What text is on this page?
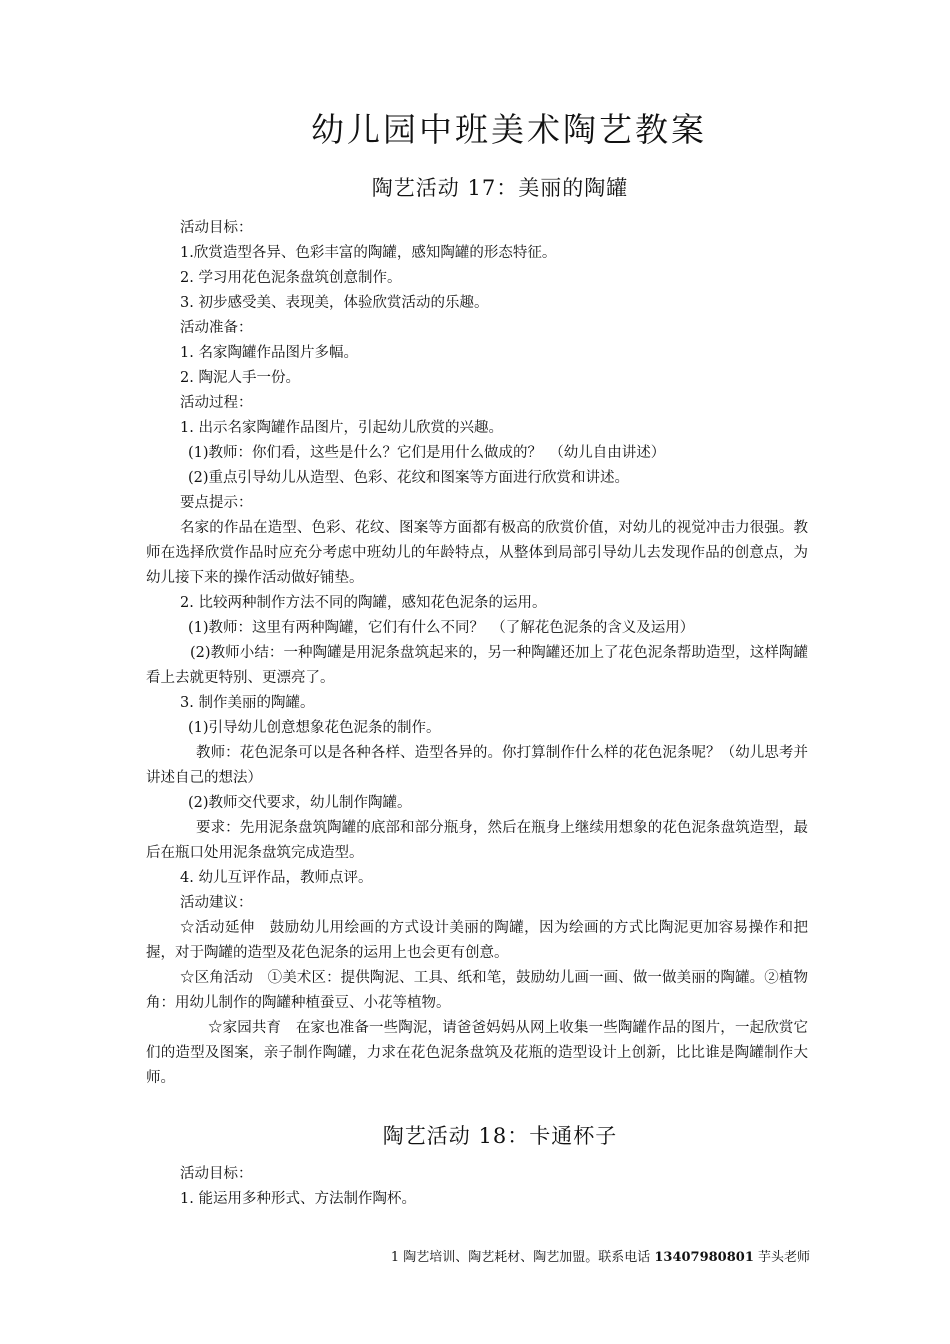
幼儿园中班美术陶艺教案
陶艺活动 17：美丽的陶罐

活动目标：

1.欣赏造型各异、色彩丰富的陶罐，感知陶罐的形态特征。

2. 学习用花色泥条盘筑创意制作。

3. 初步感受美、表现美，体验欣赏活动的乐趣。

活动准备：

1. 名家陶罐作品图片多幅。

2. 陶泥人手一份。

活动过程：

1. 出示名家陶罐作品图片，引起幼儿欣赏的兴趣。

(1)教师：你们看，这些是什么？它们是用什么做成的？　（幼儿自由讲述）

(2)重点引导幼儿从造型、色彩、花纹和图案等方面进行欣赏和讲述。

要点提示：

名家的作品在造型、色彩、花纹、图案等方面都有极高的欣赏价值，对幼儿的视觉冲击力很强。教师在选择欣赏作品时应充分考虑中班幼儿的年龄特点，从整体到局部引导幼儿去发现作品的创意点，为幼儿接下来的操作活动做好铺垫。

2. 比较两种制作方法不同的陶罐，感知花色泥条的运用。

(1)教师：这里有两种陶罐，它们有什么不同？　（了解花色泥条的含义及运用）

(2)教师小结：一种陶罐是用泥条盘筑起来的，另一种陶罐还加上了花色泥条帮助造型，这样陶罐看上去就更特别、更漂亮了。

3. 制作美丽的陶罐。

(1)引导幼儿创意想象花色泥条的制作。

教师：花色泥条可以是各种各样、造型各异的。你打算制作什么样的花色泥条呢？（幼儿思考并讲述自己的想法）

(2)教师交代要求，幼儿制作陶罐。

要求：先用泥条盘筑陶罐的底部和部分瓶身，然后在瓶身上继续用想象的花色泥条盘筑造型，最后在瓶口处用泥条盘筑完成造型。

4. 幼儿互评作品，教师点评。

活动建议：

☆活动延伸　鼓励幼儿用绘画的方式设计美丽的陶罐，因为绘画的方式比陶泥更加容易操作和把握，对于陶罐的造型及花色泥条的运用上也会更有创意。

☆区角活动　①美术区：提供陶泥、工具、纸和笔，鼓励幼儿画一画、做一做美丽的陶罐。②植物角：用幼儿制作的陶罐种植蚕豆、小花等植物。

☆家园共育　在家也准备一些陶泥，请爸爸妈妈从网上收集一些陶罐作品的图片，一起欣赏它们的造型及图案，亲子制作陶罐，力求在花色泥条盘筑及花瓶的造型设计上创新，比比谁是陶罐制作大师。

陶艺活动 18：卡通杯子

活动目标：

1. 能运用多种形式、方法制作陶杯。

1 陶艺培训、陶艺耗材、陶艺加盟。联系电话 13407980801 芋头老师
